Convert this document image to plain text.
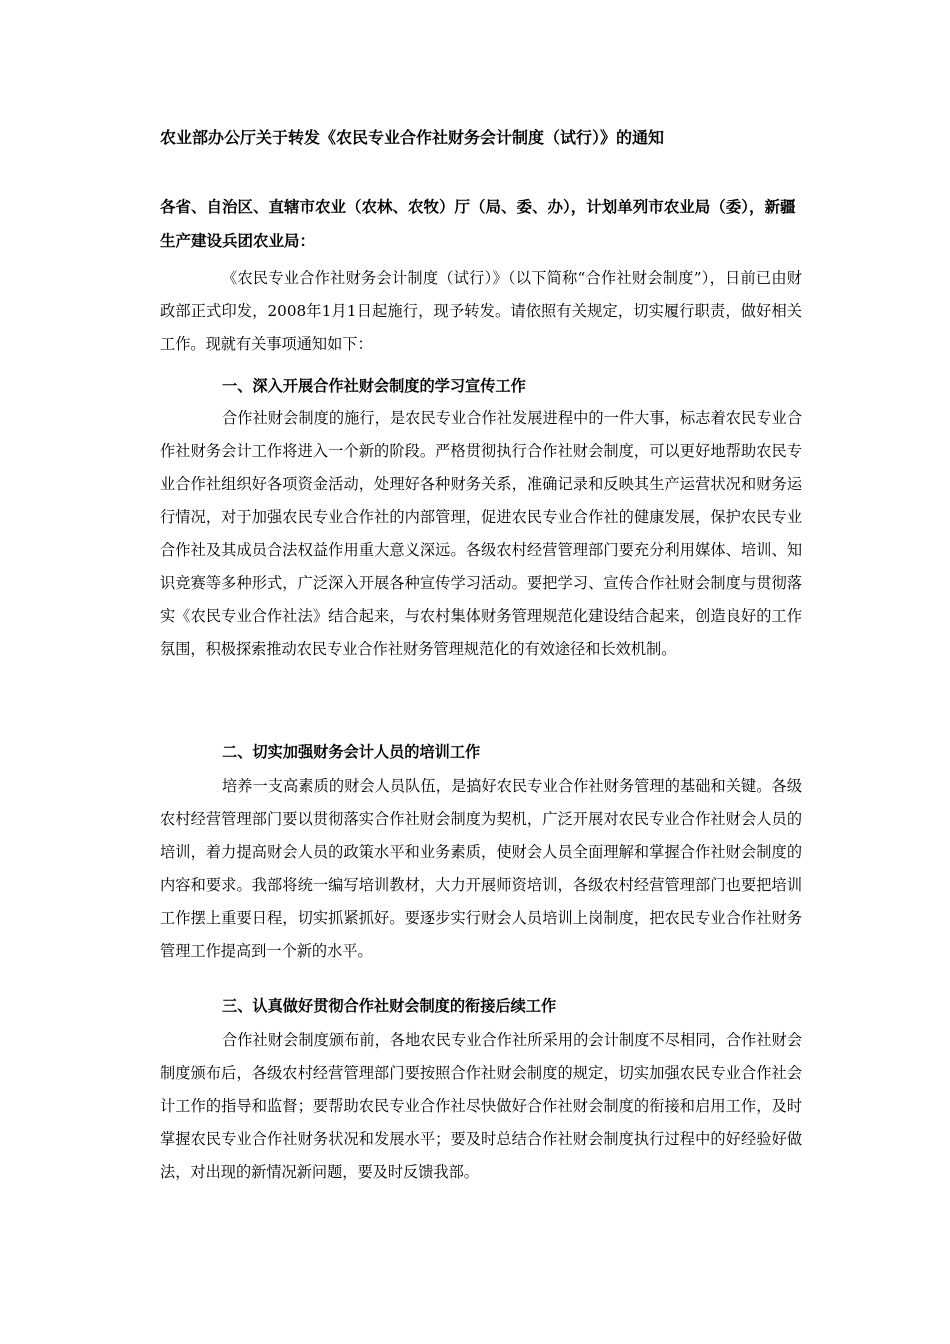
农业部办公厅关于转发《农民专业合作社财务会计制度（试行）》的通知
各省、自治区、直辖市农业（农林、农牧）厅（局、委、办），计划单列市农业局（委），新疆生产建设兵团农业局：

《农民专业合作社财务会计制度（试行）》（以下简称“合作社财会制度”），日前已由财政部正式印发，2008年1月1日起施行，现予转发。请依照有关规定，切实履行职责，做好相关工作。现就有关事项通知如下：

一、深入开展合作社财会制度的学习宣传工作

合作社财会制度的施行，是农民专业合作社发展进程中的一件大事，标志着农民专业合作社财务会计工作将进入一个新的阶段。严格贯彻执行合作社财会制度，可以更好地帮助农民专业合作社组织好各项资金活动，处理好各种财务关系，准确记录和反映其生产运营状况和财务运行情况，对于加强农民专业合作社的内部管理，促进农民专业合作社的健康发展，保护农民专业合作社及其成员合法权益作用重大意义深远。各级农村经营管理部门要充分利用媒体、培训、知识竞赛等多种形式，广泛深入开展各种宣传学习活动。要把学习、宣传合作社财会制度与贯彻落实《农民专业合作社法》结合起来，与农村集体财务管理规范化建设结合起来，创造良好的工作氛围，积极探索推动农民专业合作社财务管理规范化的有效途径和长效机制。

二、切实加强财务会计人员的培训工作

培养一支高素质的财会人员队伍，是搞好农民专业合作社财务管理的基础和关键。各级农村经营管理部门要以贯彻落实合作社财会制度为契机，广泛开展对农民专业合作社财会人员的培训，着力提高财会人员的政策水平和业务素质，使财会人员全面理解和掌握合作社财会制度的内容和要求。我部将统一编写培训教材，大力开展师资培训，各级农村经营管理部门也要把培训工作摆上重要日程，切实抓紧抓好。要逐步实行财会人员培训上岗制度，把农民专业合作社财务管理工作提高到一个新的水平。

三、认真做好贯彻合作社财会制度的衔接后续工作

合作社财会制度颁布前，各地农民专业合作社所采用的会计制度不尽相同，合作社财会制度颁布后，各级农村经营管理部门要按照合作社财会制度的规定，切实加强农民专业合作社会计工作的指导和监督；要帮助农民专业合作社尽快做好合作社财会制度的衔接和启用工作，及时掌握农民专业合作社财务状况和发展水平；要及时总结合作社财会制度执行过程中的好经验好做法，对出现的新情况新问题，要及时反馈我部。
